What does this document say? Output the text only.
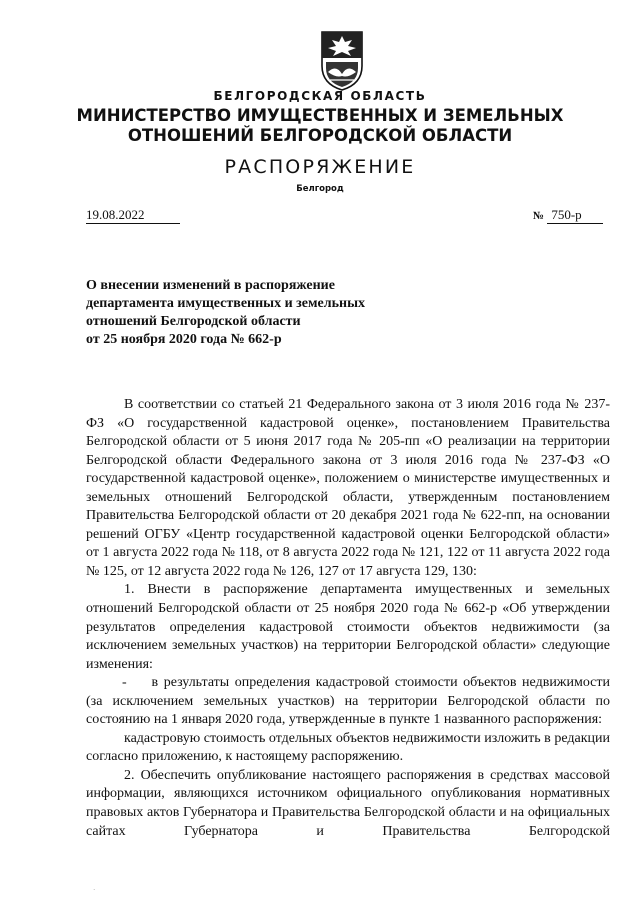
БЕЛГОРОДСКАЯ ОБЛАСТЬ
МИНИСТЕРСТВО ИМУЩЕСТВЕННЫХ И ЗЕМЕЛЬНЫХ
ОТНОШЕНИЙ БЕЛГОРОДСКОЙ ОБЛАСТИ
РАСПОРЯЖЕНИЕ
Белгород
19.08.2022	№ 750-р
О внесении изменений в распоряжение
департамента имущественных и земельных
отношений Белгородской области
от 25 ноября 2020 года № 662-р

В соответствии со статьей 21 Федерального закона от 3 июля 2016 года № 237-ФЗ «О государственной кадастровой оценке», постановлением Правительства Белгородской области от 5 июня 2017 года № 205-пп «О реализации на территории Белгородской области Федерального закона от 3 июля 2016 года № 237-ФЗ «О государственной кадастровой оценке», положением о министерстве имущественных и земельных отношений Белгородской области, утвержденным постановлением Правительства Белгородской области от 20 декабря 2021 года № 622-пп, на основании решений ОГБУ «Центр государственной кадастровой оценки Белгородской области» от 1 августа 2022 года № 118, от 8 августа 2022 года № 121, 122 от 11 августа 2022 года № 125, от 12 августа 2022 года № 126, 127 от 17 августа 129, 130:

1. Внести в распоряжение департамента имущественных и земельных отношений Белгородской области от 25 ноября 2020 года № 662-р «Об утверждении результатов определения кадастровой стоимости объектов недвижимости (за исключением земельных участков) на территории Белгородской области» следующие изменения:

- в результаты определения кадастровой стоимости объектов недвижимости (за исключением земельных участков) на территории Белгородской области по состоянию на 1 января 2020 года, утвержденные в пункте 1 названного распоряжения:

кадастровую стоимость отдельных объектов недвижимости изложить в редакции согласно приложению, к настоящему распоряжению.

2. Обеспечить опубликование настоящего распоряжения в средствах массовой информации, являющихся источником официального опубликования нормативных правовых актов Губернатора и Правительства Белгородской области и на официальных сайтах Губернатора и Правительства Белгородской

·
